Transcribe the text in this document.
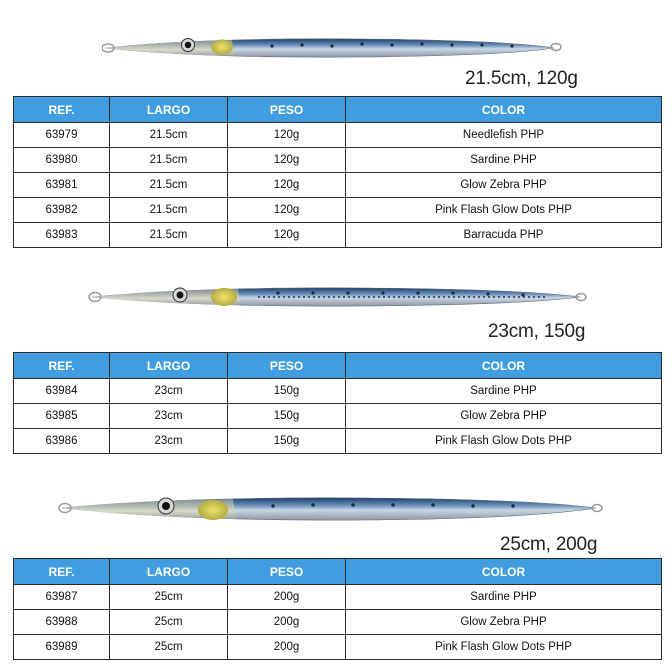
21.5cm, 120g
REF.	LARGO	PESO	COLOR
63979	21.5cm	120g	Needlefish PHP
63980	21.5cm	120g	Sardine PHP
63981	21.5cm	120g	Glow Zebra PHP
63982	21.5cm	120g	Pink Flash Glow Dots PHP
63983	21.5cm	120g	Barracuda PHP
23cm, 150g
REF.	LARGO	PESO	COLOR
63984	23cm	150g	Sardine PHP
63985	23cm	150g	Glow Zebra PHP
63986	23cm	150g	Pink Flash Glow Dots PHP
25cm, 200g
REF.	LARGO	PESO	COLOR
63987	25cm	200g	Sardine PHP
63988	25cm	200g	Glow Zebra PHP
63989	25cm	200g	Pink Flash Glow Dots PHP
